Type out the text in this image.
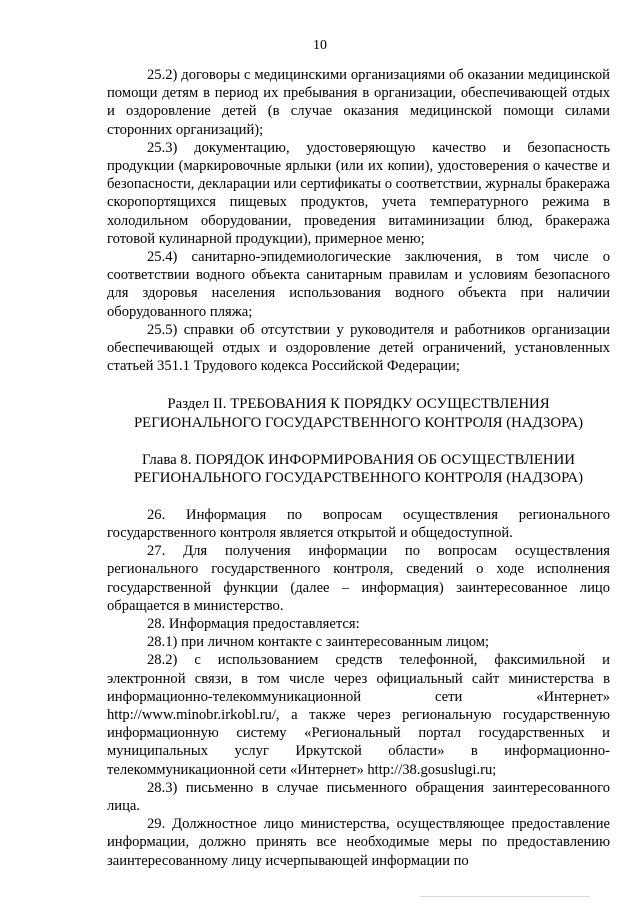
10

25.2) договоры с медицинскими организациями об оказании медицинской помощи детям в период их пребывания в организации, обеспечивающей отдых и оздоровление детей (в случае оказания медицинской помощи силами сторонних организаций);

25.3) документацию, удостоверяющую качество и безопасность продукции (маркировочные ярлыки (или их копии), удостоверения о качестве и безопасности, декларации или сертификаты о соответствии, журналы бракеража скоропортящихся пищевых продуктов, учета температурного режима в холодильном оборудовании, проведения витаминизации блюд, бракеража готовой кулинарной продукции), примерное меню;

25.4) санитарно-эпидемиологические заключения, в том числе о соответствии водного объекта санитарным правилам и условиям безопасного для здоровья населения использования водного объекта при наличии оборудованного пляжа;

25.5) справки об отсутствии у руководителя и работников организации обеспечивающей отдых и оздоровление детей ограничений, установленных статьей 351.1 Трудового кодекса Российской Федерации;

Раздел II. ТРЕБОВАНИЯ К ПОРЯДКУ ОСУЩЕСТВЛЕНИЯ
РЕГИОНАЛЬНОГО ГОСУДАРСТВЕННОГО КОНТРОЛЯ (НАДЗОРА)
Глава 8. ПОРЯДОК ИНФОРМИРОВАНИЯ ОБ ОСУЩЕСТВЛЕНИИ
РЕГИОНАЛЬНОГО ГОСУДАРСТВЕННОГО КОНТРОЛЯ (НАДЗОРА)

26. Информация по вопросам осуществления регионального государственного контроля является открытой и общедоступной.

27. Для получения информации по вопросам осуществления регионального государственного контроля, сведений о ходе исполнения государственной функции (далее – информация) заинтересованное лицо обращается в министерство.

28. Информация предоставляется:

28.1) при личном контакте с заинтересованным лицом;

28.2) с использованием средств телефонной, факсимильной и электронной связи, в том числе через официальный сайт министерства в информационно-телекоммуникационной сети «Интернет» http://www.minobr.irkobl.ru/, а также через региональную государственную информационную систему «Региональный портал государственных и муниципальных услуг Иркутской области» в информационно-телекоммуникационной сети «Интернет» http://38.gosuslugi.ru;

28.3) письменно в случае письменного обращения заинтересованного лица.

29. Должностное лицо министерства, осуществляющее предоставление информации, должно принять все необходимые меры по предоставлению заинтересованному лицу исчерпывающей информации по
